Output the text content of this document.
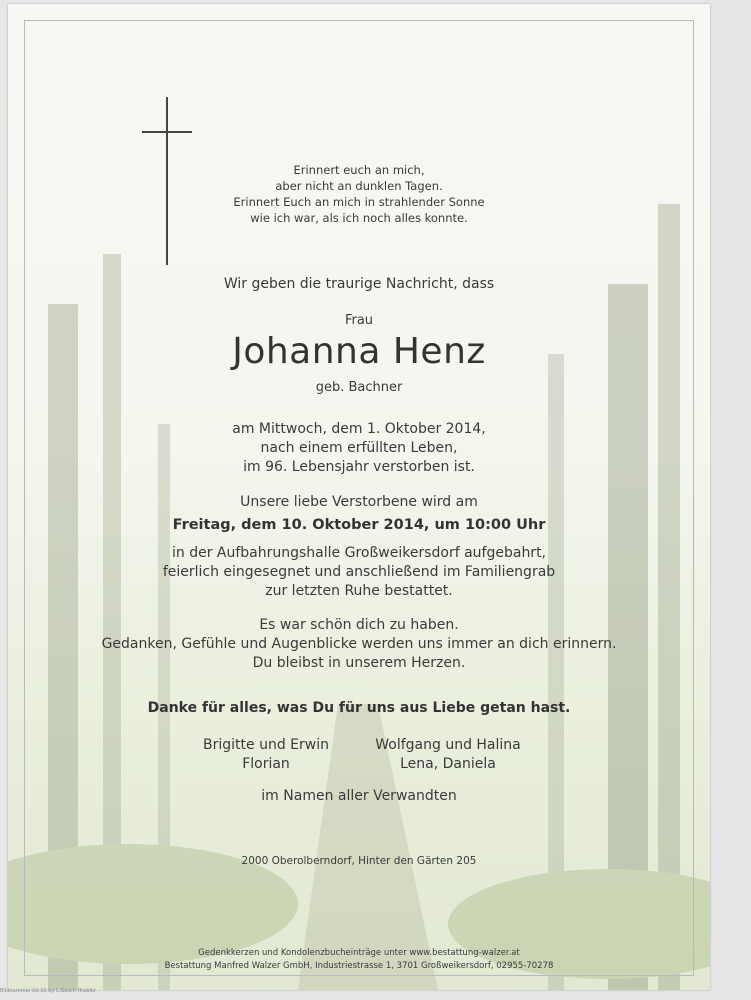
Erinnert euch an mich,
aber nicht an dunklen Tagen.
Erinnert Euch an mich in strahlender Sonne
wie ich war, als ich noch alles konnte.
Wir geben die traurige Nachricht, dass
Frau
Johanna Henz
geb. Bachner
am Mittwoch, dem 1. Oktober 2014,
nach einem erfüllten Leben,
im 96. Lebensjahr verstorben ist.
Unsere liebe Verstorbene wird am
Freitag, dem 10. Oktober 2014, um 10:00 Uhr
in der Aufbahrungshalle Großweikersdorf aufgebahrt,
feierlich eingesegnet und anschließend im Familiengrab
zur letzten Ruhe bestattet.
Es war schön dich zu haben.
Gedanken, Gefühle und Augenblicke werden uns immer an dich erinnern.
Du bleibst in unserem Herzen.
Danke für alles, was Du für uns aus Liebe getan hast.
Brigitte und Erwin
Florian
Wolfgang und Halina
Lena, Daniela
im Namen aller Verwandten
2000 Oberolberndorf, Hinter den Gärten 205
Gedenkkerzen und Kondolenzbucheinträge unter www.bestattung-walzer.at
Bestattung Manfred Walzer GmbH, Industriestrasse 1, 3701 Großweikersdorf, 02955-70278
Bildnummer 00-00 by L.Gesch Hrabitz
